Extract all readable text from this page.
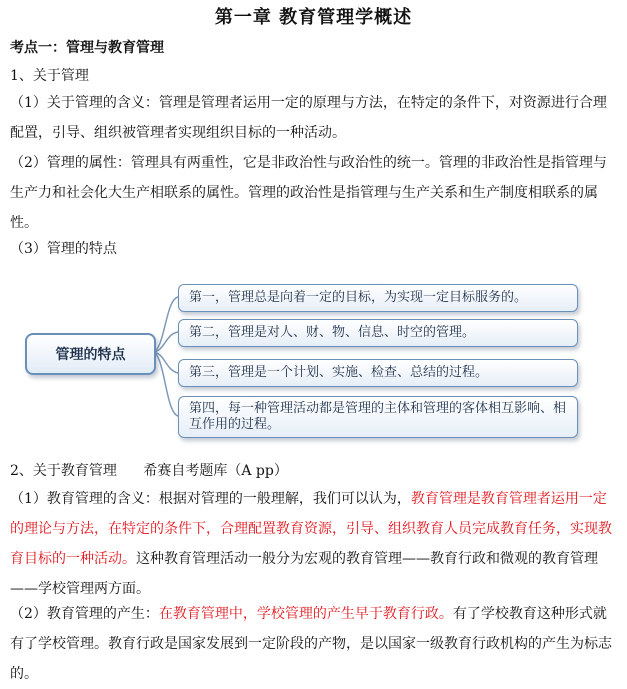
第一章 教育管理学概述
考点一：管理与教育管理
1、关于管理
（1）关于管理的含义：管理是管理者运用一定的原理与方法，在特定的条件下，对资源进行合理配置，引导、组织被管理者实现组织目标的一种活动。
（2）管理的属性：管理具有两重性，它是非政治性与政治性的统一。管理的非政治性是指管理与生产力和社会化大生产相联系的属性。管理的政治性是指管理与生产关系和生产制度相联系的属性。
（3）管理的特点
管理的特点
第一，管理总是向着一定的目标，为实现一定目标服务的。
第二，管理是对人、财、物、信息、时空的管理。
第三，管理是一个计划、实施、检查、总结的过程。
第四，每一种管理活动都是管理的主体和管理的客体相互影响、相互作用的过程。
2、关于教育管理 希赛自考题库（A pp）
（1）教育管理的含义：根据对管理的一般理解，我们可以认为，教育管理是教育管理者运用一定的理论与方法，在特定的条件下，合理配置教育资源，引导、组织教育人员完成教育任务，实现教育目标的一种活动。这种教育管理活动一般分为宏观的教育管理——教育行政和微观的教育管理——学校管理两方面。
（2）教育管理的产生：在教育管理中，学校管理的产生早于教育行政。有了学校教育这种形式就有了学校管理。教育行政是国家发展到一定阶段的产物，是以国家一级教育行政机构的产生为标志的。
